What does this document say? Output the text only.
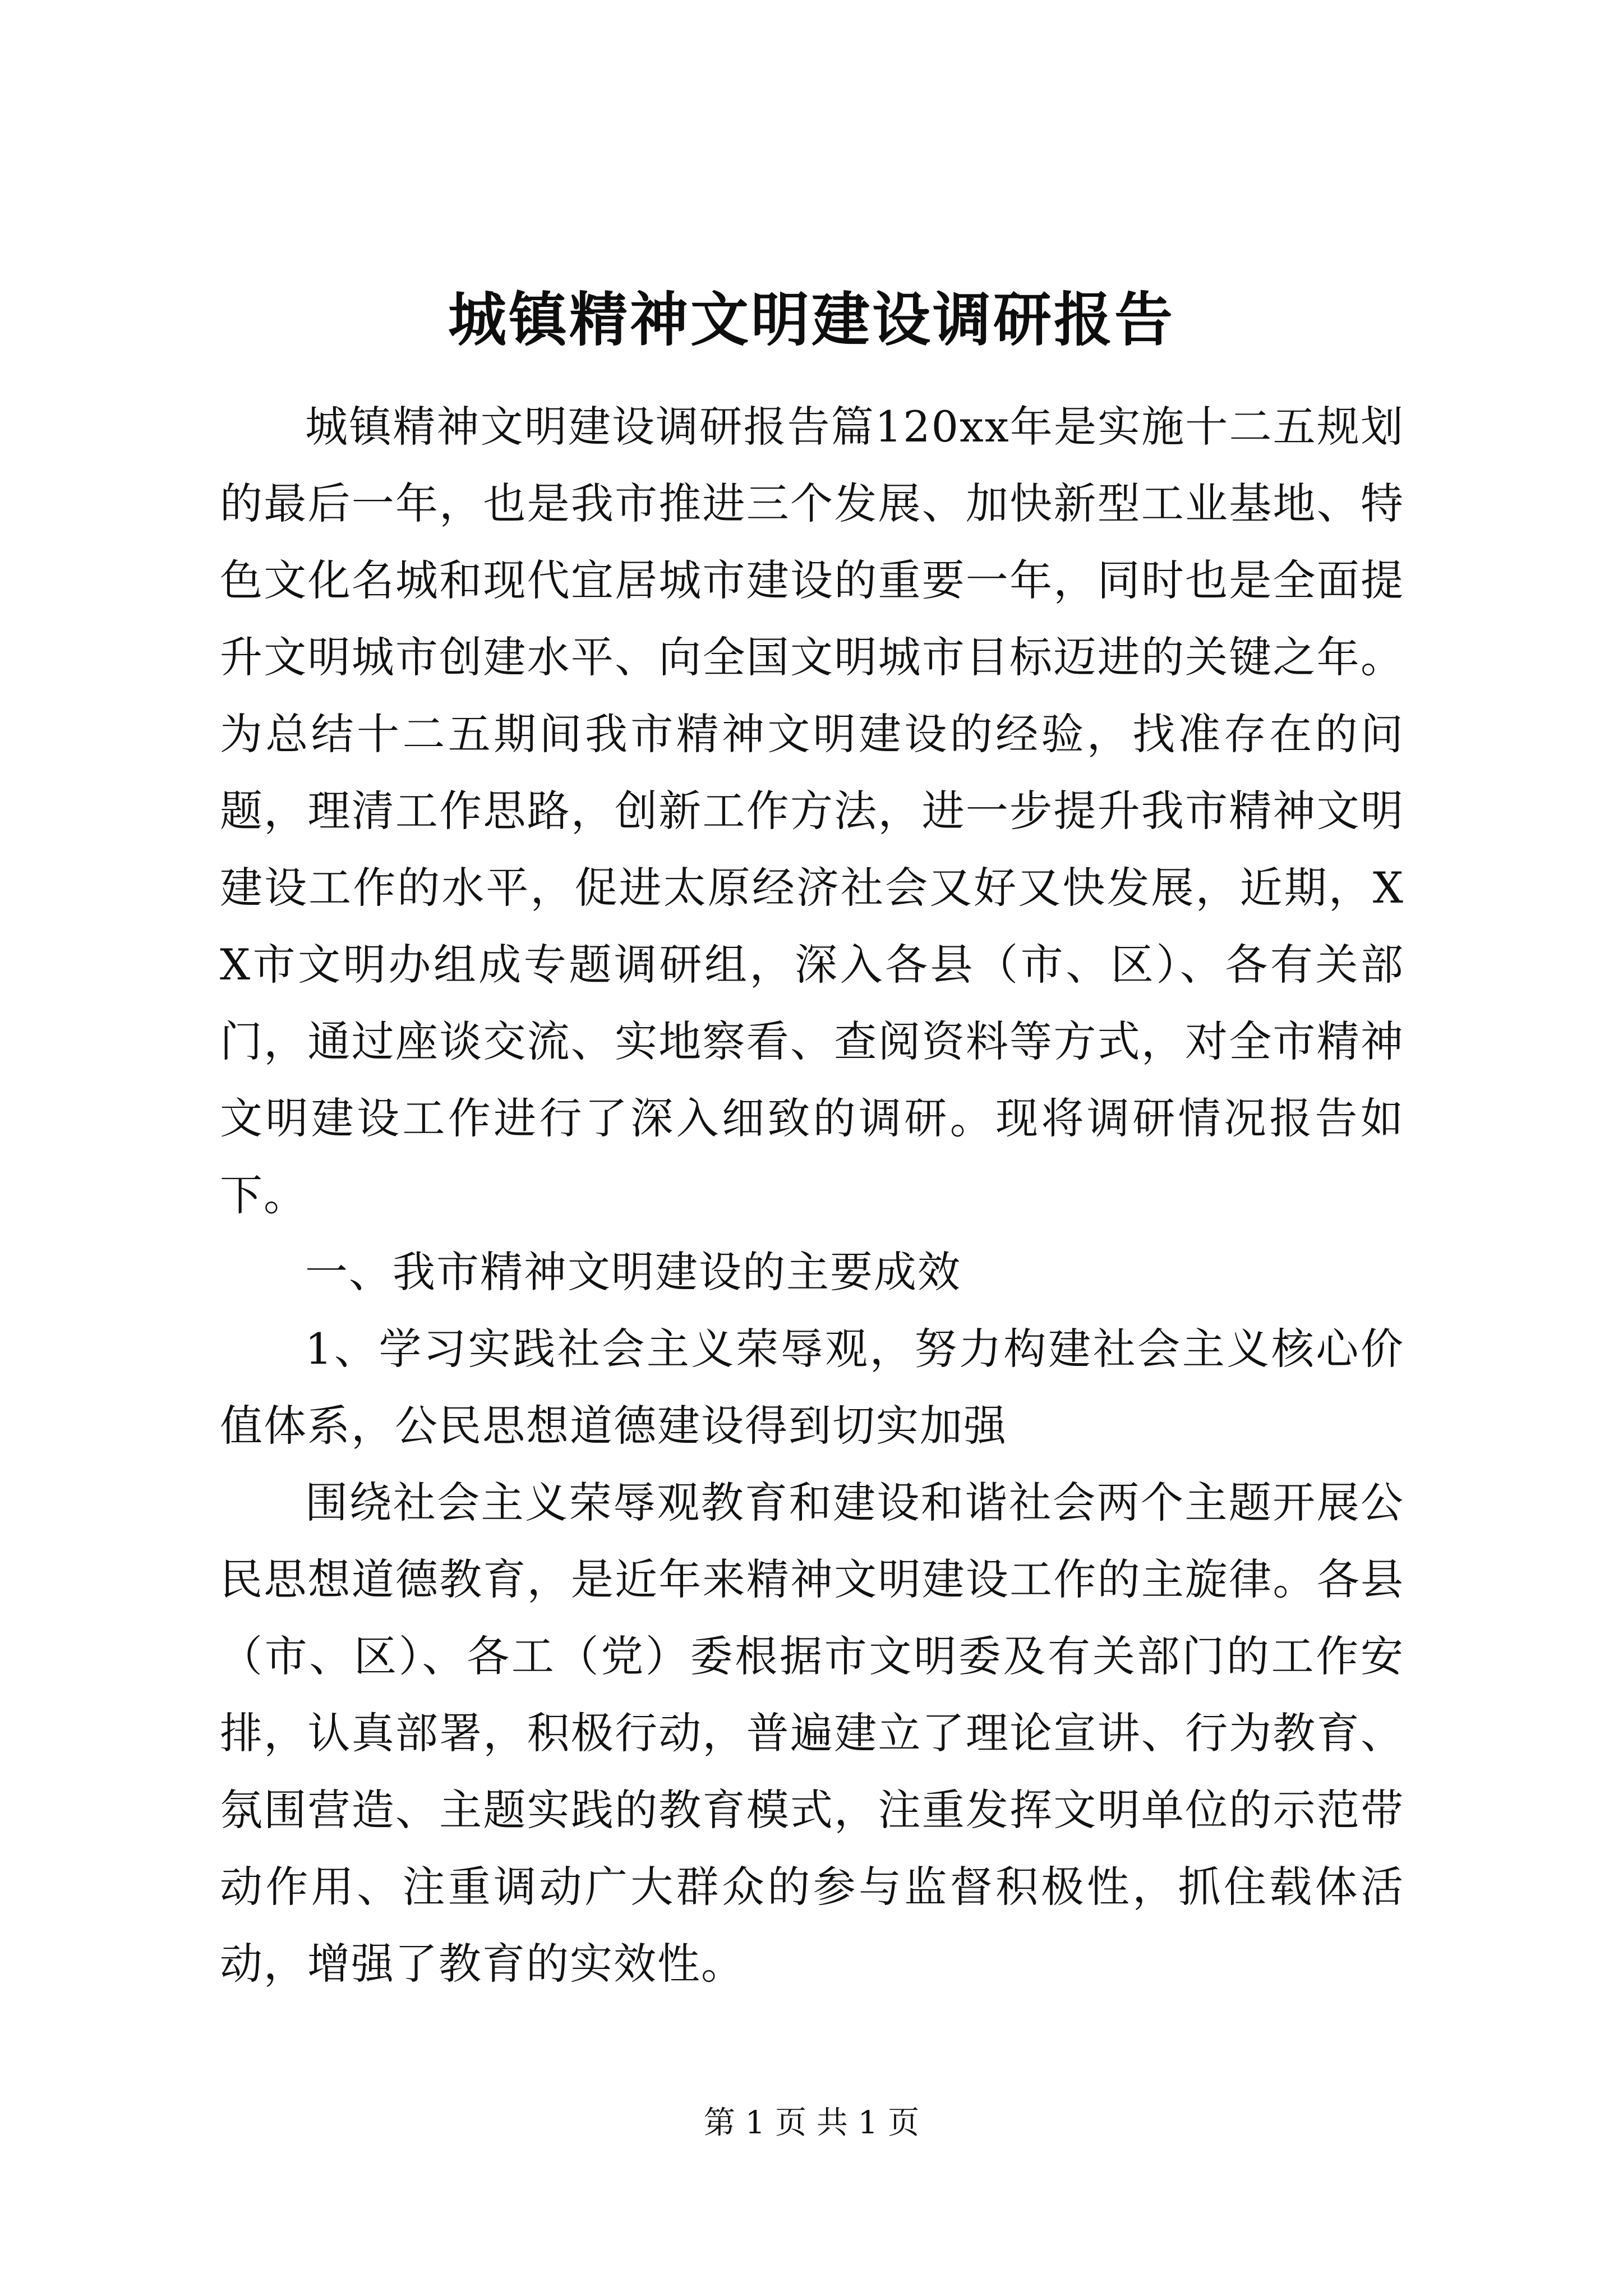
城镇精神文明建设调研报告

城镇精神文明建设调研报告篇120xx年是实施十二五规划的最后一年，也是我市推进三个发展、加快新型工业基地、特色文化名城和现代宜居城市建设的重要一年，同时也是全面提升文明城市创建水平、向全国文明城市目标迈进的关键之年。为总结十二五期间我市精神文明建设的经验，找准存在的问题，理清工作思路，创新工作方法，进一步提升我市精神文明建设工作的水平，促进太原经济社会又好又快发展，近期，XX市文明办组成专题调研组，深入各县（市、区）、各有关部门，通过座谈交流、实地察看、查阅资料等方式，对全市精神文明建设工作进行了深入细致的调研。现将调研情况报告如下。

一、我市精神文明建设的主要成效

1、学习实践社会主义荣辱观，努力构建社会主义核心价值体系，公民思想道德建设得到切实加强

围绕社会主义荣辱观教育和建设和谐社会两个主题开展公民思想道德教育，是近年来精神文明建设工作的主旋律。各县（市、区）、各工（党）委根据市文明委及有关部门的工作安排，认真部署，积极行动，普遍建立了理论宣讲、行为教育、氛围营造、主题实践的教育模式，注重发挥文明单位的示范带动作用、注重调动广大群众的参与监督积极性，抓住载体活动，增强了教育的实效性。

第 1 页 共 1 页
